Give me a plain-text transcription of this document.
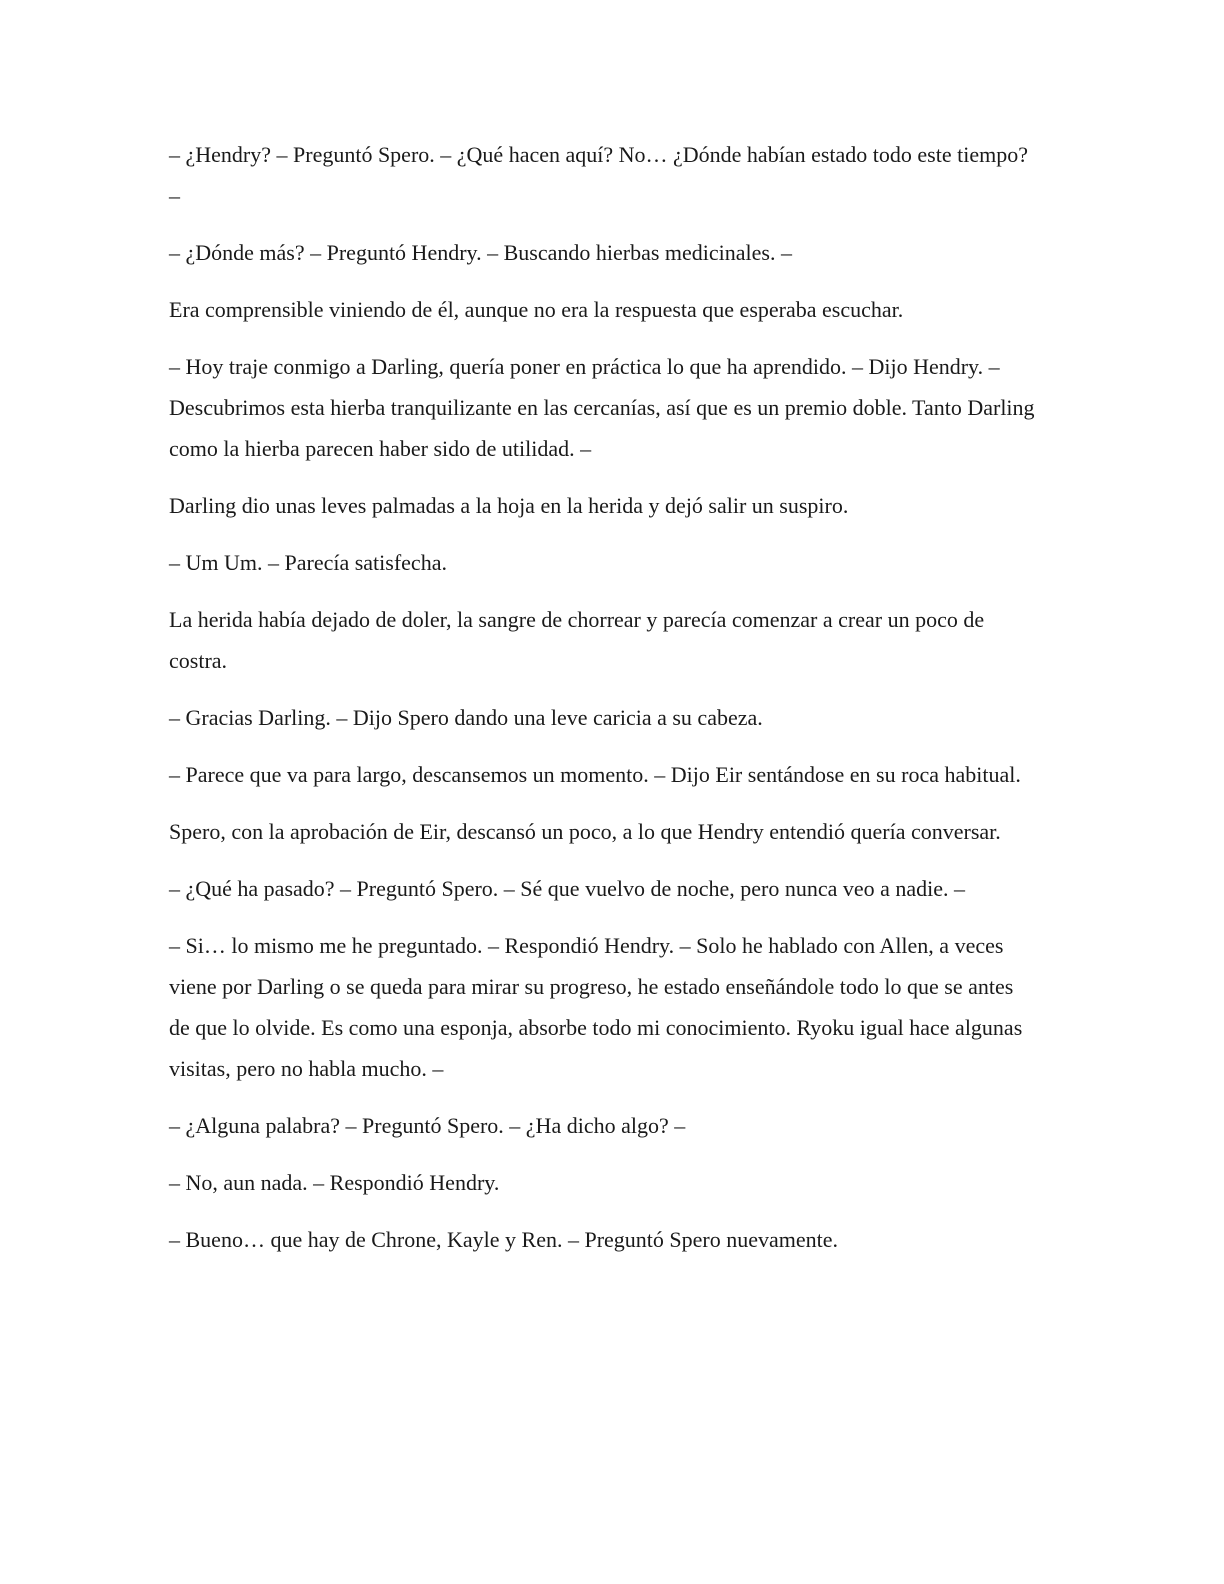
– ¿Hendry? – Preguntó Spero. – ¿Qué hacen aquí? No… ¿Dónde habían estado todo este tiempo? –

– ¿Dónde más? – Preguntó Hendry. – Buscando hierbas medicinales. –

Era comprensible viniendo de él, aunque no era la respuesta que esperaba escuchar.

– Hoy traje conmigo a Darling, quería poner en práctica lo que ha aprendido. – Dijo Hendry. – Descubrimos esta hierba tranquilizante en las cercanías, así que es un premio doble. Tanto Darling como la hierba parecen haber sido de utilidad. –

Darling dio unas leves palmadas a la hoja en la herida y dejó salir un suspiro.

– Um Um. – Parecía satisfecha.

La herida había dejado de doler, la sangre de chorrear y parecía comenzar a crear un poco de costra.

– Gracias Darling. – Dijo Spero dando una leve caricia a su cabeza.

– Parece que va para largo, descansemos un momento. – Dijo Eir sentándose en su roca habitual.

Spero, con la aprobación de Eir, descansó un poco, a lo que Hendry entendió quería conversar.

– ¿Qué ha pasado? – Preguntó Spero. – Sé que vuelvo de noche, pero nunca veo a nadie. –

– Si… lo mismo me he preguntado. – Respondió Hendry. – Solo he hablado con Allen, a veces viene por Darling o se queda para mirar su progreso, he estado enseñándole todo lo que se antes de que lo olvide. Es como una esponja, absorbe todo mi conocimiento. Ryoku igual hace algunas visitas, pero no habla mucho. –

– ¿Alguna palabra? – Preguntó Spero. – ¿Ha dicho algo? –

– No, aun nada. – Respondió Hendry.

– Bueno… que hay de Chrone, Kayle y Ren. – Preguntó Spero nuevamente.
